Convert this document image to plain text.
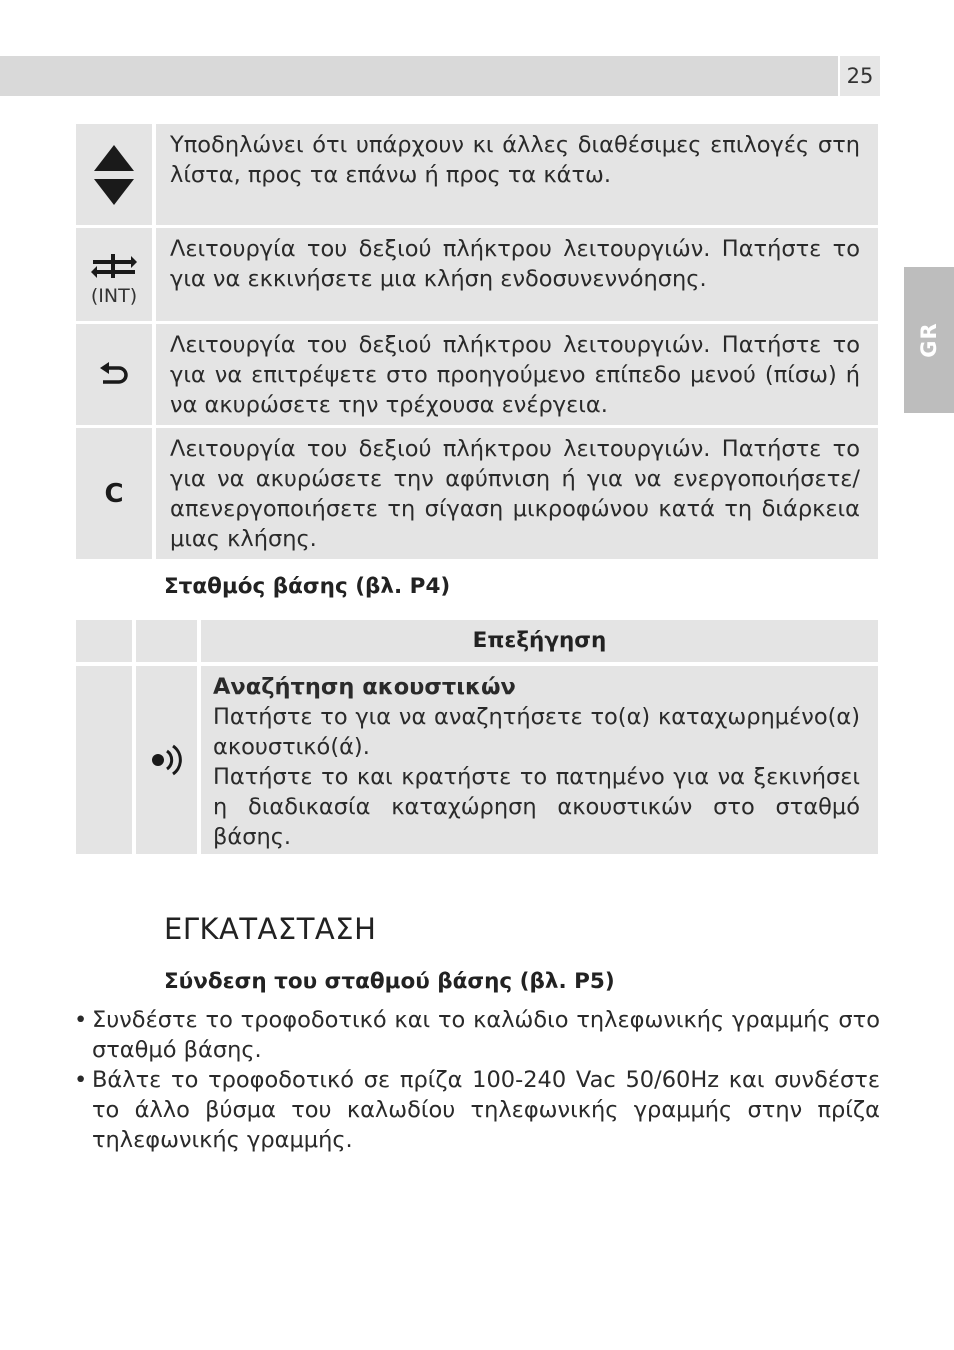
25
GR
Υποδηλώνει ότι υπάρχουν κι άλλες διαθέσιμες επιλογές στη λίστα, προς τα επάνω ή προς τα κάτω.
(INT)
Λειτουργία του δεξιού πλήκτρου λειτουργιών. Πατήστε το για να εκκινήσετε μια κλήση ενδοσυνεννόησης.
Λειτουργία του δεξιού πλήκτρου λειτουργιών. Πατήστε το για να επιτρέψετε στο προηγούμενο επίπεδο μενού (πίσω) ή να ακυρώσετε την τρέχουσα ενέργεια.
C
Λειτουργία του δεξιού πλήκτρου λειτουργιών. Πατήστε το για να ακυρώσετε την αφύπνιση ή για να ενεργοποιήσετε/ απενεργοποιήσετε τη σίγαση μικροφώνου κατά τη διάρκεια μιας κλήσης.
Σταθμός βάσης (βλ. P4)
Επεξήγηση
Αναζήτηση ακουστικών
Πατήστε το για να αναζητήσετε το(α) καταχωρημένο(α) ακουστικό(ά).
Πατήστε το και κρατήστε το πατημένο για να ξεκινήσει η διαδικασία καταχώρηση ακουστικών στο σταθμό βάσης.
ΕΓΚΑΤΑΣΤΑΣΗ
Σύνδεση του σταθμού βάσης (βλ. P5)
• Συνδέστε το τροφοδοτικό και το καλώδιο τηλεφωνικής γραμμής στο σταθμό βάσης.
• Βάλτε το τροφοδοτικό σε πρίζα 100-240 Vac 50/60Hz και συνδέστε το άλλο βύσμα του καλωδίου τηλεφωνικής γραμμής στην πρίζα τηλεφωνικής γραμμής.
